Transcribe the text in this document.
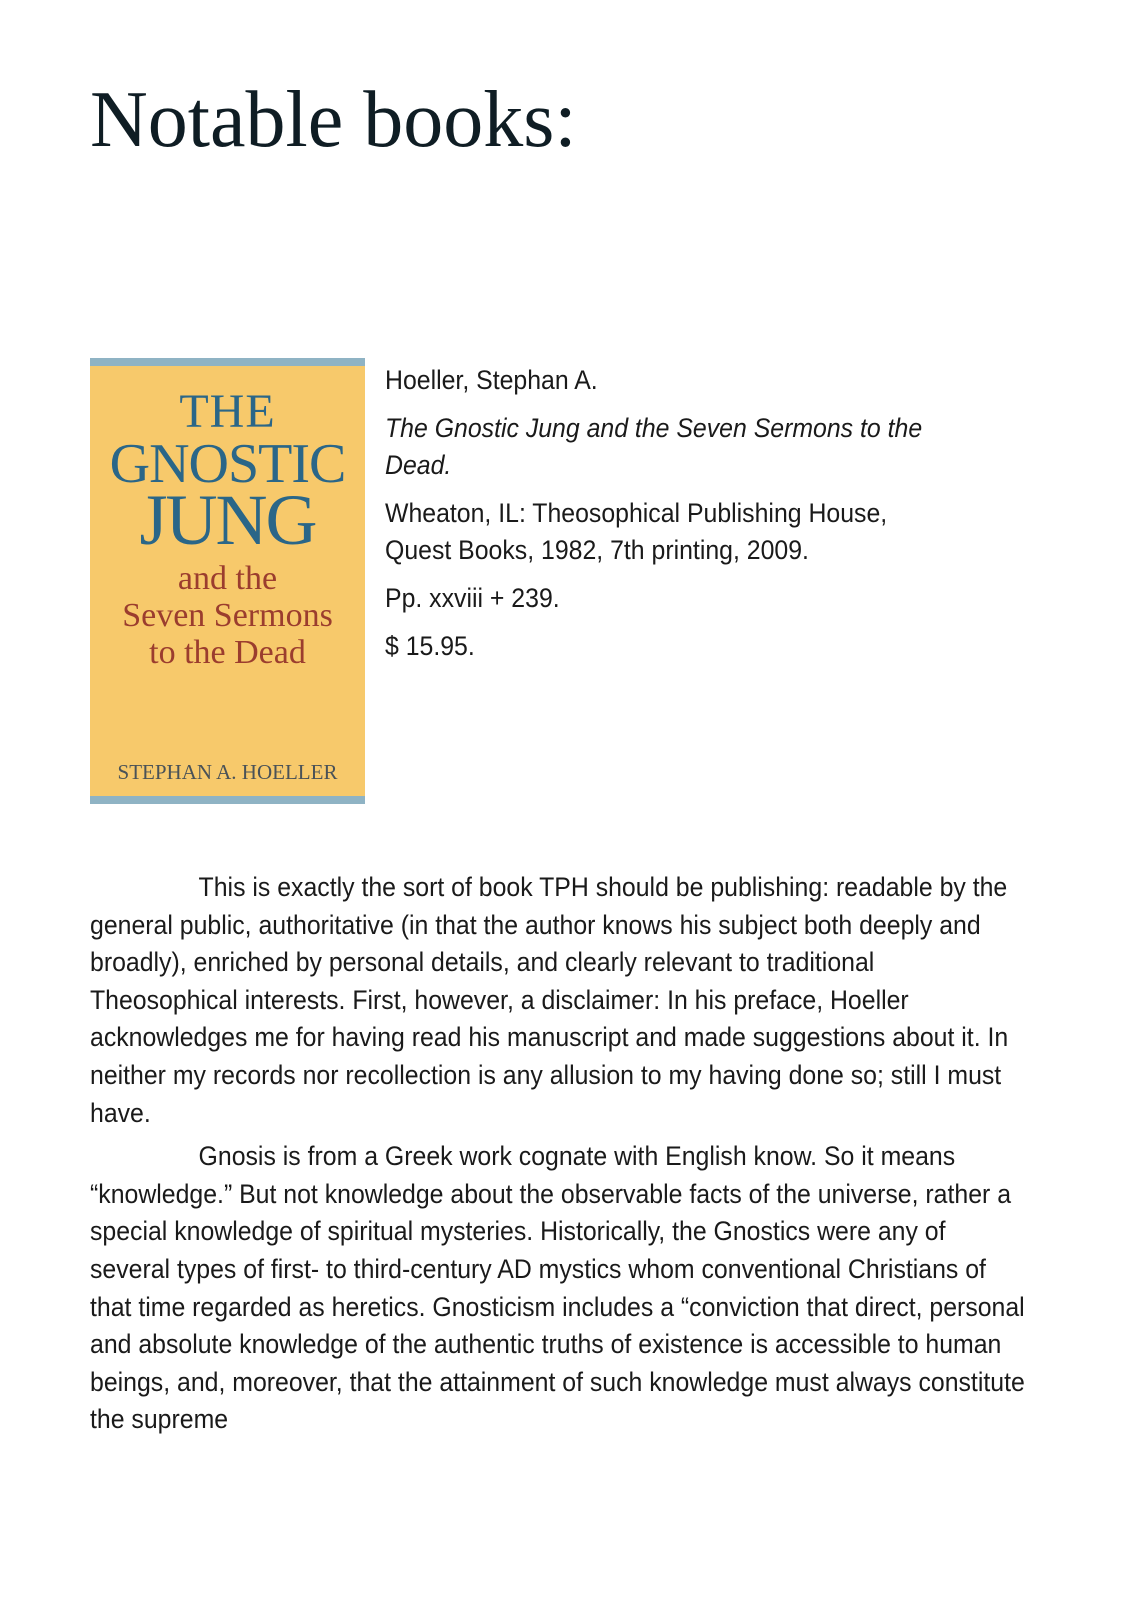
Notable books:
THE
GNOSTIC
JUNG
and the
Seven Sermons
to the Dead
STEPHAN A. HOELLER

Hoeller, Stephan A.

The Gnostic Jung and the Seven Sermons to the Dead.

Wheaton, IL: Theosophical Publishing House,
Quest Books, 1982, 7th printing, 2009.

Pp. xxviii + 239.

$ 15.95.

This is exactly the sort of book TPH should be publishing: readable by the general public, authoritative (in that the author knows his subject both deeply and broadly), enriched by personal details, and clearly relevant to traditional Theosophical interests. First, however, a disclaimer: In his preface, Hoeller acknowledges me for having read his manuscript and made suggestions about it. In neither my records nor recollection is any allusion to my having done so; still I must have.

Gnosis is from a Greek work cognate with English know. So it means “knowledge.” But not knowledge about the observable facts of the universe, rather a special knowledge of spiritual mysteries. Historically, the Gnostics were any of several types of first- to third-century AD mystics whom conventional Christians of that time regarded as heretics. Gnosticism includes a “conviction that direct, personal and absolute knowledge of the authentic truths of existence is accessible to human beings, and, moreover, that the attainment of such knowledge must always constitute the supreme
